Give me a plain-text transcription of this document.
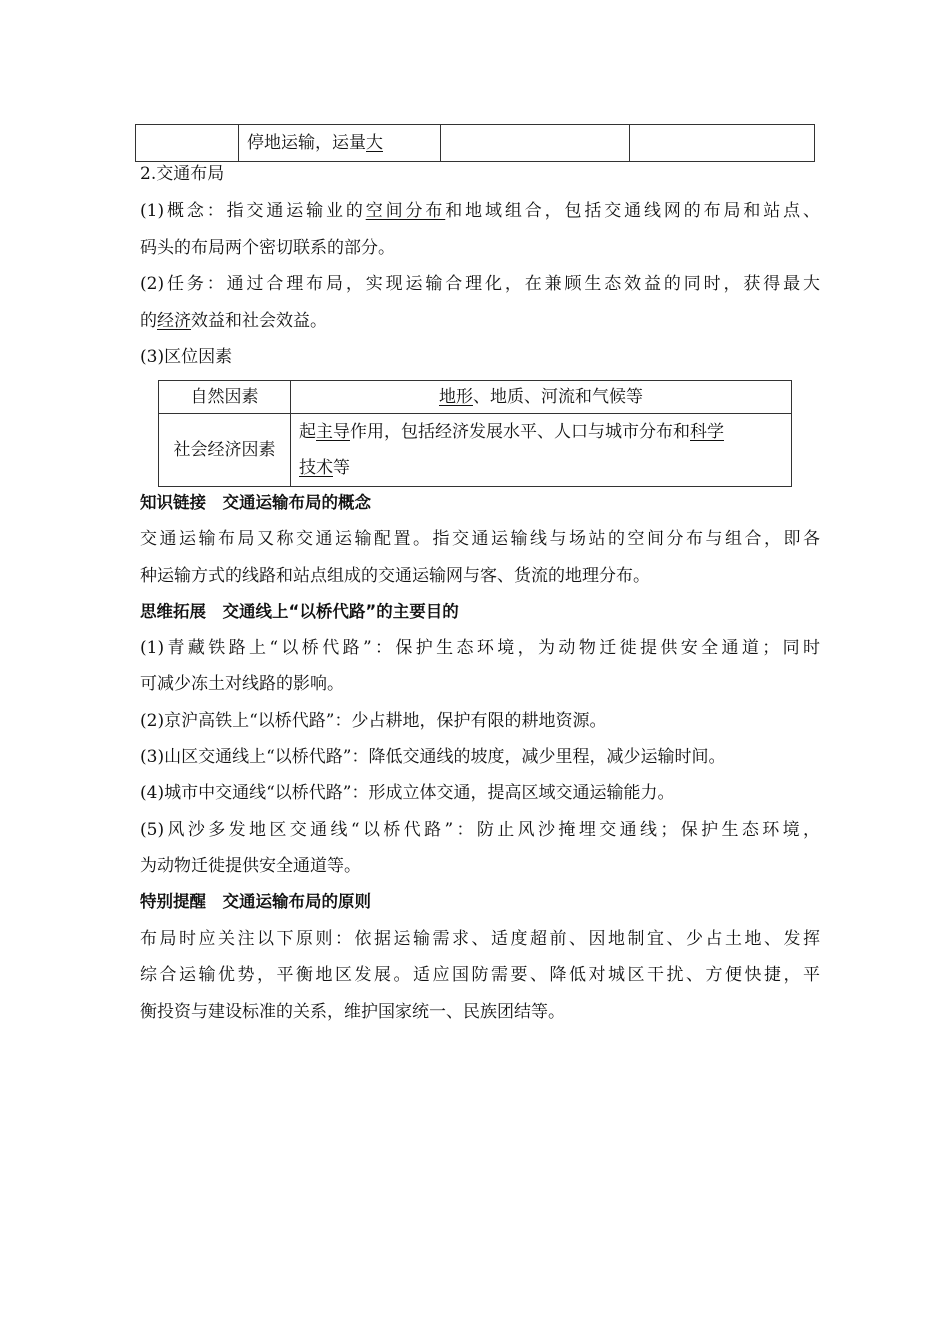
	停地运输，运量大		
2.交通布局
(1)概念：指交通运输业的空间分布和地域组合，包括交通线网的布局和站点、
码头的布局两个密切联系的部分。
(2)任务：通过合理布局，实现运输合理化，在兼顾生态效益的同时，获得最大
的经济效益和社会效益。
(3)区位因素
自然因素	地形、地质、河流和气候等
社会经济因素	起主导作用，包括经济发展水平、人口与城市分布和科学
技术等
知识链接　交通运输布局的概念
交通运输布局又称交通运输配置。指交通运输线与场站的空间分布与组合，即各
种运输方式的线路和站点组成的交通运输网与客、货流的地理分布。
思维拓展　交通线上“以桥代路”的主要目的
(1)青藏铁路上“以桥代路”：保护生态环境，为动物迁徙提供安全通道；同时
可减少冻土对线路的影响。
(2)京沪高铁上“以桥代路”：少占耕地，保护有限的耕地资源。
(3)山区交通线上“以桥代路”：降低交通线的坡度，减少里程，减少运输时间。
(4)城市中交通线“以桥代路”：形成立体交通，提高区域交通运输能力。
(5)风沙多发地区交通线“以桥代路”：防止风沙掩埋交通线；保护生态环境，
为动物迁徙提供安全通道等。
特别提醒　交通运输布局的原则
布局时应关注以下原则：依据运输需求、适度超前、因地制宜、少占土地、发挥
综合运输优势，平衡地区发展。适应国防需要、降低对城区干扰、方便快捷，平
衡投资与建设标准的关系，维护国家统一、民族团结等。
